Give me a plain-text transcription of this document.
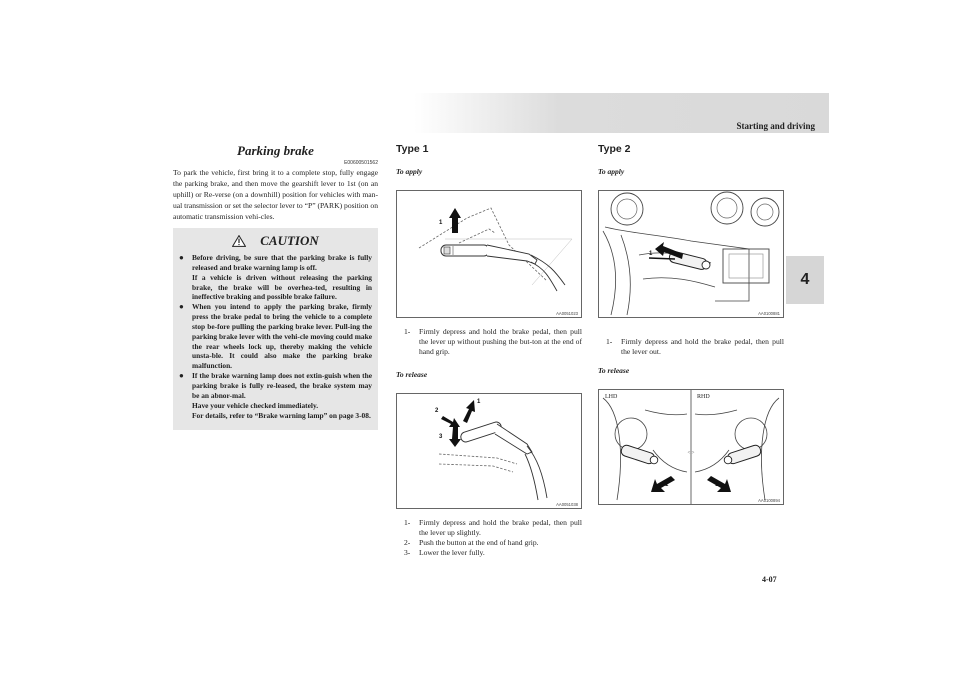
Starting and driving
4
4-07
Parking brake
E00600501562

To park the vehicle, first bring it to a complete stop, fully engage the parking brake, and then move the gearshift lever to 1st (on an uphill) or Re-verse (on a downhill) position for vehicles with man-ual transmission or set the selector lever to “P” (PARK) position on automatic transmission vehi-cles.

CAUTION
●	Before driving, be sure that the parking brake is fully released and brake warning lamp is off.
If a vehicle is driven without releasing the parking brake, the brake will be overhea-ted, resulting in ineffective braking and possible brake failure.
●	When you intend to apply the parking brake, firmly press the brake pedal to bring the vehicle to a complete stop be-fore pulling the parking brake lever. Pull-ing the parking brake lever with the vehi-cle moving could make the rear wheels lock up, thereby making the vehicle unsta-ble. It could also make the parking brake malfunction.
●	If the brake warning lamp does not extin-guish when the parking brake is fully re-leased, the brake system may be an abnor-mal.
Have your vehicle checked immediately.
For details, refer to “Brake warning lamp” on page 3-08.
Type 1
To apply
1
AA0051023
1-	Firmly depress and hold the brake pedal, then pull the lever up without pushing the but-ton at the end of hand grip.
To release
1
2
3
AA0051038
1-	Firmly depress and hold the brake pedal, then pull the lever up slightly.
2-	Push the button at the end of hand grip.
3-	Lower the lever fully.
Type 2
To apply
1
AA0100881
1-	Firmly depress and hold the brake pedal, then pull the lever out.
To release
< >
1	1
LHD	RHD
AA0100894
